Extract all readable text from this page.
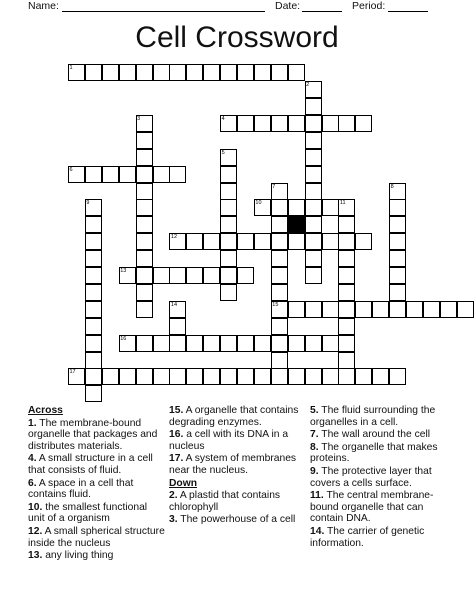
Name:	Date:	Period:
Cell Crossword
1
2
3	4
5
6
7	8
9	10	11
12
13
14	15
16
17

Across

1. The membrane-bound organelle that packages and distributes materials.

4. A small structure in a cell that consists of fluid.

6. A space in a cell that contains fluid.

10. the smallest functional unit of a organism

12. A small spherical structure inside the nucleus

13. any living thing

15. A organelle that contains degrading enzymes.

16. a cell with its DNA in a nucleus

17. A system of membranes near the nucleus.

Down

2. A plastid that contains chlorophyll

3. The powerhouse of a cell

5. The fluid surrounding the organelles in a cell.

7. The wall around the cell

8. The organelle that makes proteins.

9. The protective layer that covers a cells surface.

11. The central membrane-bound organelle that can contain DNA.

14. The carrier of genetic information.
